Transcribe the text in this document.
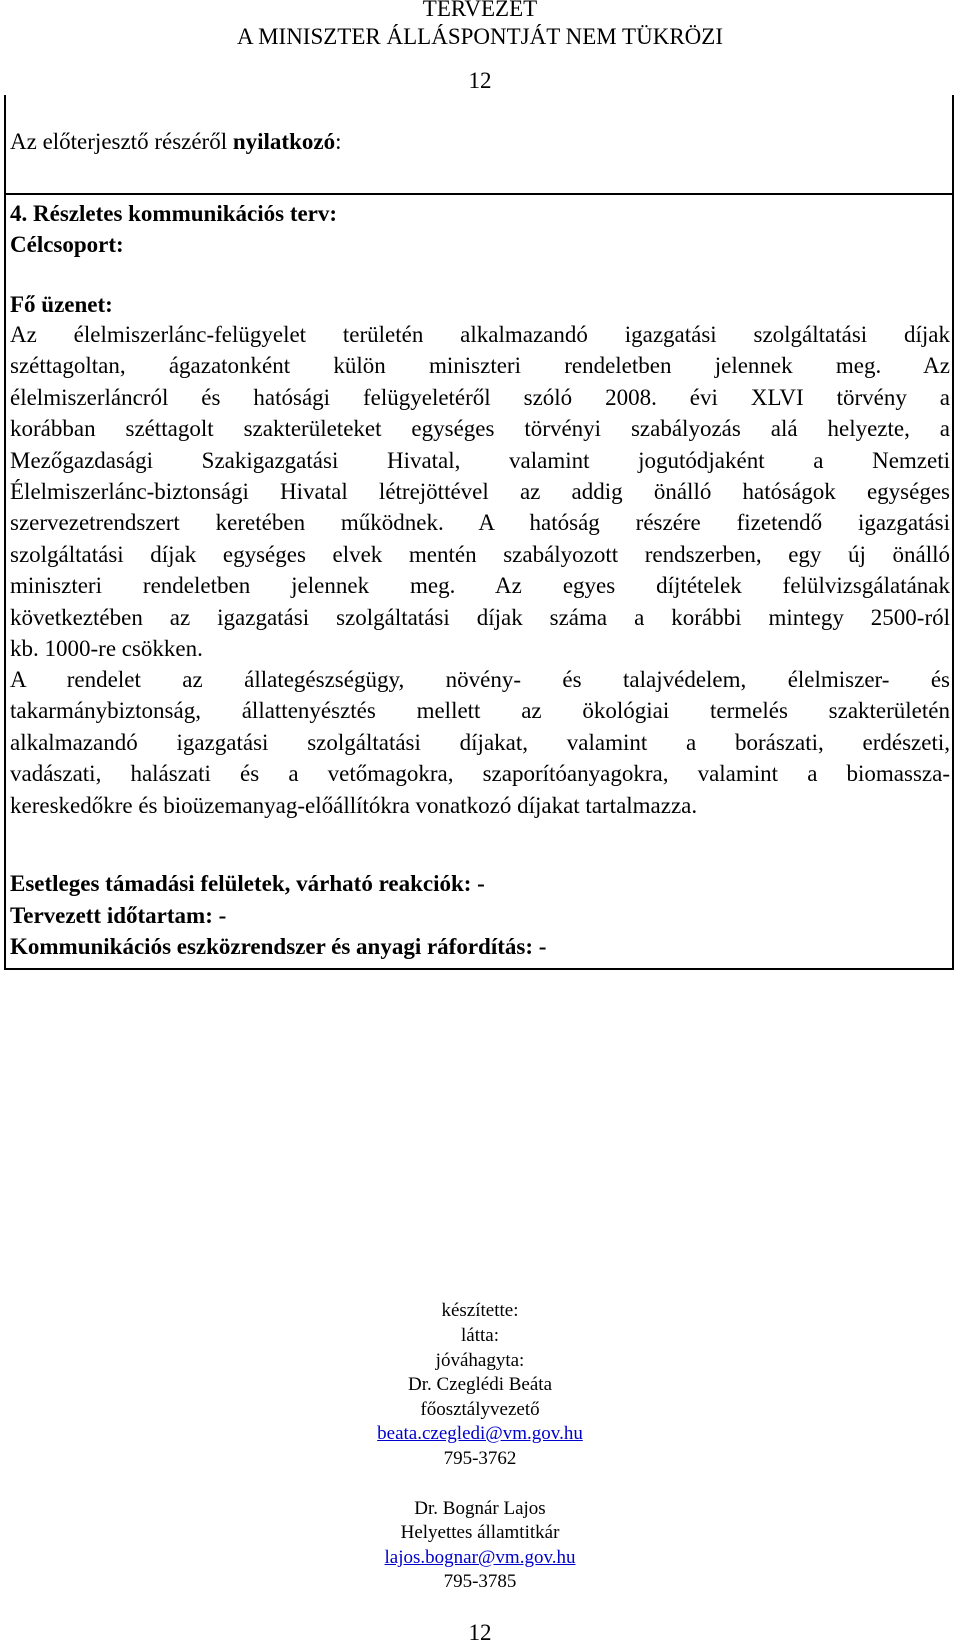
TERVEZET
A MINISZTER ÁLLÁSPONTJÁT NEM TÜKRÖZI
12
Az előterjesztő részéről nyilatkozó:
4. Részletes kommunikációs terv:
Célcsoport:
Fő üzenet:
Az élelmiszerlánc-felügyelet területén alkalmazandó igazgatási szolgáltatási díjak
széttagoltan, ágazatonként külön miniszteri rendeletben jelennek meg. Az
élelmiszerláncról és hatósági felügyeletéről szóló 2008. évi XLVI törvény a
korábban széttagolt szakterületeket egységes törvényi szabályozás alá helyezte, a
Mezőgazdasági Szakigazgatási Hivatal, valamint jogutódjaként a Nemzeti
Élelmiszerlánc-biztonsági Hivatal létrejöttével az addig önálló hatóságok egységes
szervezetrendszert keretében működnek. A hatóság részére fizetendő igazgatási
szolgáltatási díjak egységes elvek mentén szabályozott rendszerben, egy új önálló
miniszteri rendeletben jelennek meg. Az egyes díjtételek felülvizsgálatának
következtében az igazgatási szolgáltatási díjak száma a korábbi mintegy 2500-ról
kb. 1000-re csökken.
A rendelet az állategészségügy, növény- és talajvédelem, élelmiszer- és
takarmánybiztonság, állattenyésztés mellett az ökológiai termelés szakterületén
alkalmazandó igazgatási szolgáltatási díjakat, valamint a borászati, erdészeti,
vadászati, halászati és a vetőmagokra, szaporítóanyagokra, valamint a biomassza-
kereskedőkre és bioüzemanyag-előállítókra vonatkozó díjakat tartalmazza.
Esetleges támadási felületek, várható reakciók: -
Tervezett időtartam: -
Kommunikációs eszközrendszer és anyagi ráfordítás: -
készítette:
látta:
jóváhagyta:
Dr. Czeglédi Beáta
főosztályvezető
beata.czegledi@vm.gov.hu
795-3762
Dr. Bognár Lajos
Helyettes államtitkár
lajos.bognar@vm.gov.hu
795-3785
12
